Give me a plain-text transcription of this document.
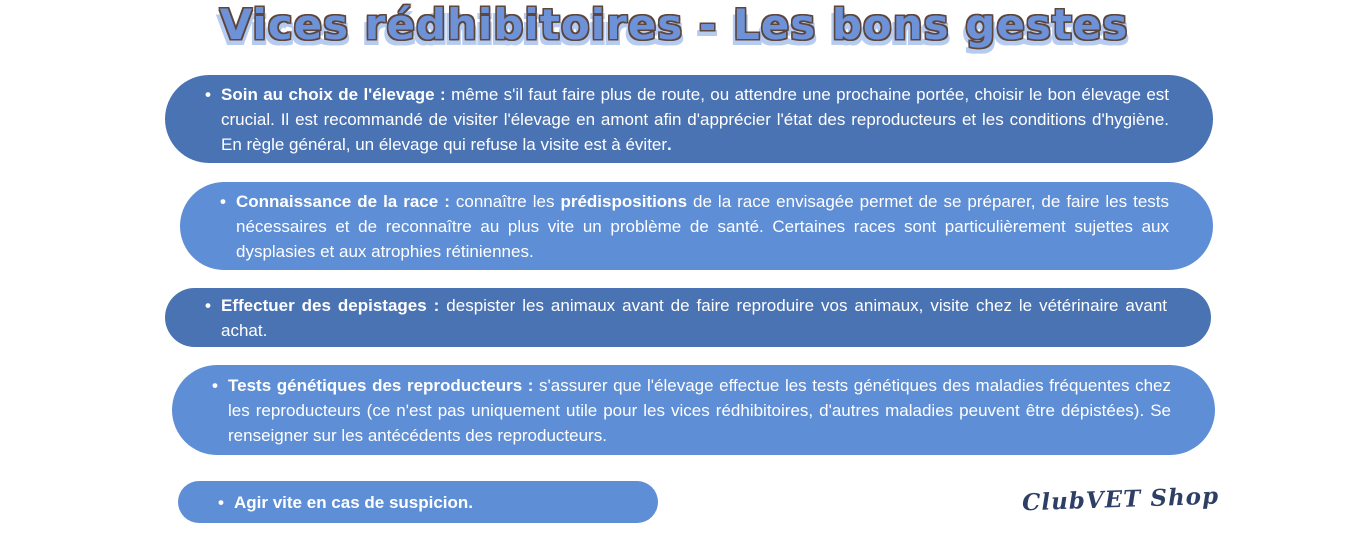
Vices rédhibitoires - Les bons gestes

• Soin au choix de l'élevage : même s'il faut faire plus de route, ou attendre une prochaine portée, choisir le bon élevage est crucial. Il est recommandé de visiter l'élevage en amont afin d'apprécier l'état des reproducteurs et les conditions d'hygiène. En règle général, un élevage qui refuse la visite est à éviter.

• Connaissance de la race : connaître les prédispositions de la race envisagée permet de se préparer, de faire les tests nécessaires et de reconnaître au plus vite un problème de santé. Certaines races sont particulièrement sujettes aux dysplasies et aux atrophies rétiniennes.

• Effectuer des depistages : despister les animaux avant de faire reproduire vos animaux, visite chez le vétérinaire avant achat.

• Tests génétiques des reproducteurs : s'assurer que l'élevage effectue les tests génétiques des maladies fréquentes chez les reproducteurs (ce n'est pas uniquement utile pour les vices rédhibitoires, d'autres maladies peuvent être dépistées). Se renseigner sur les antécédents des reproducteurs.

• Agir vite en cas de suspicion.	ClubVET Shop
